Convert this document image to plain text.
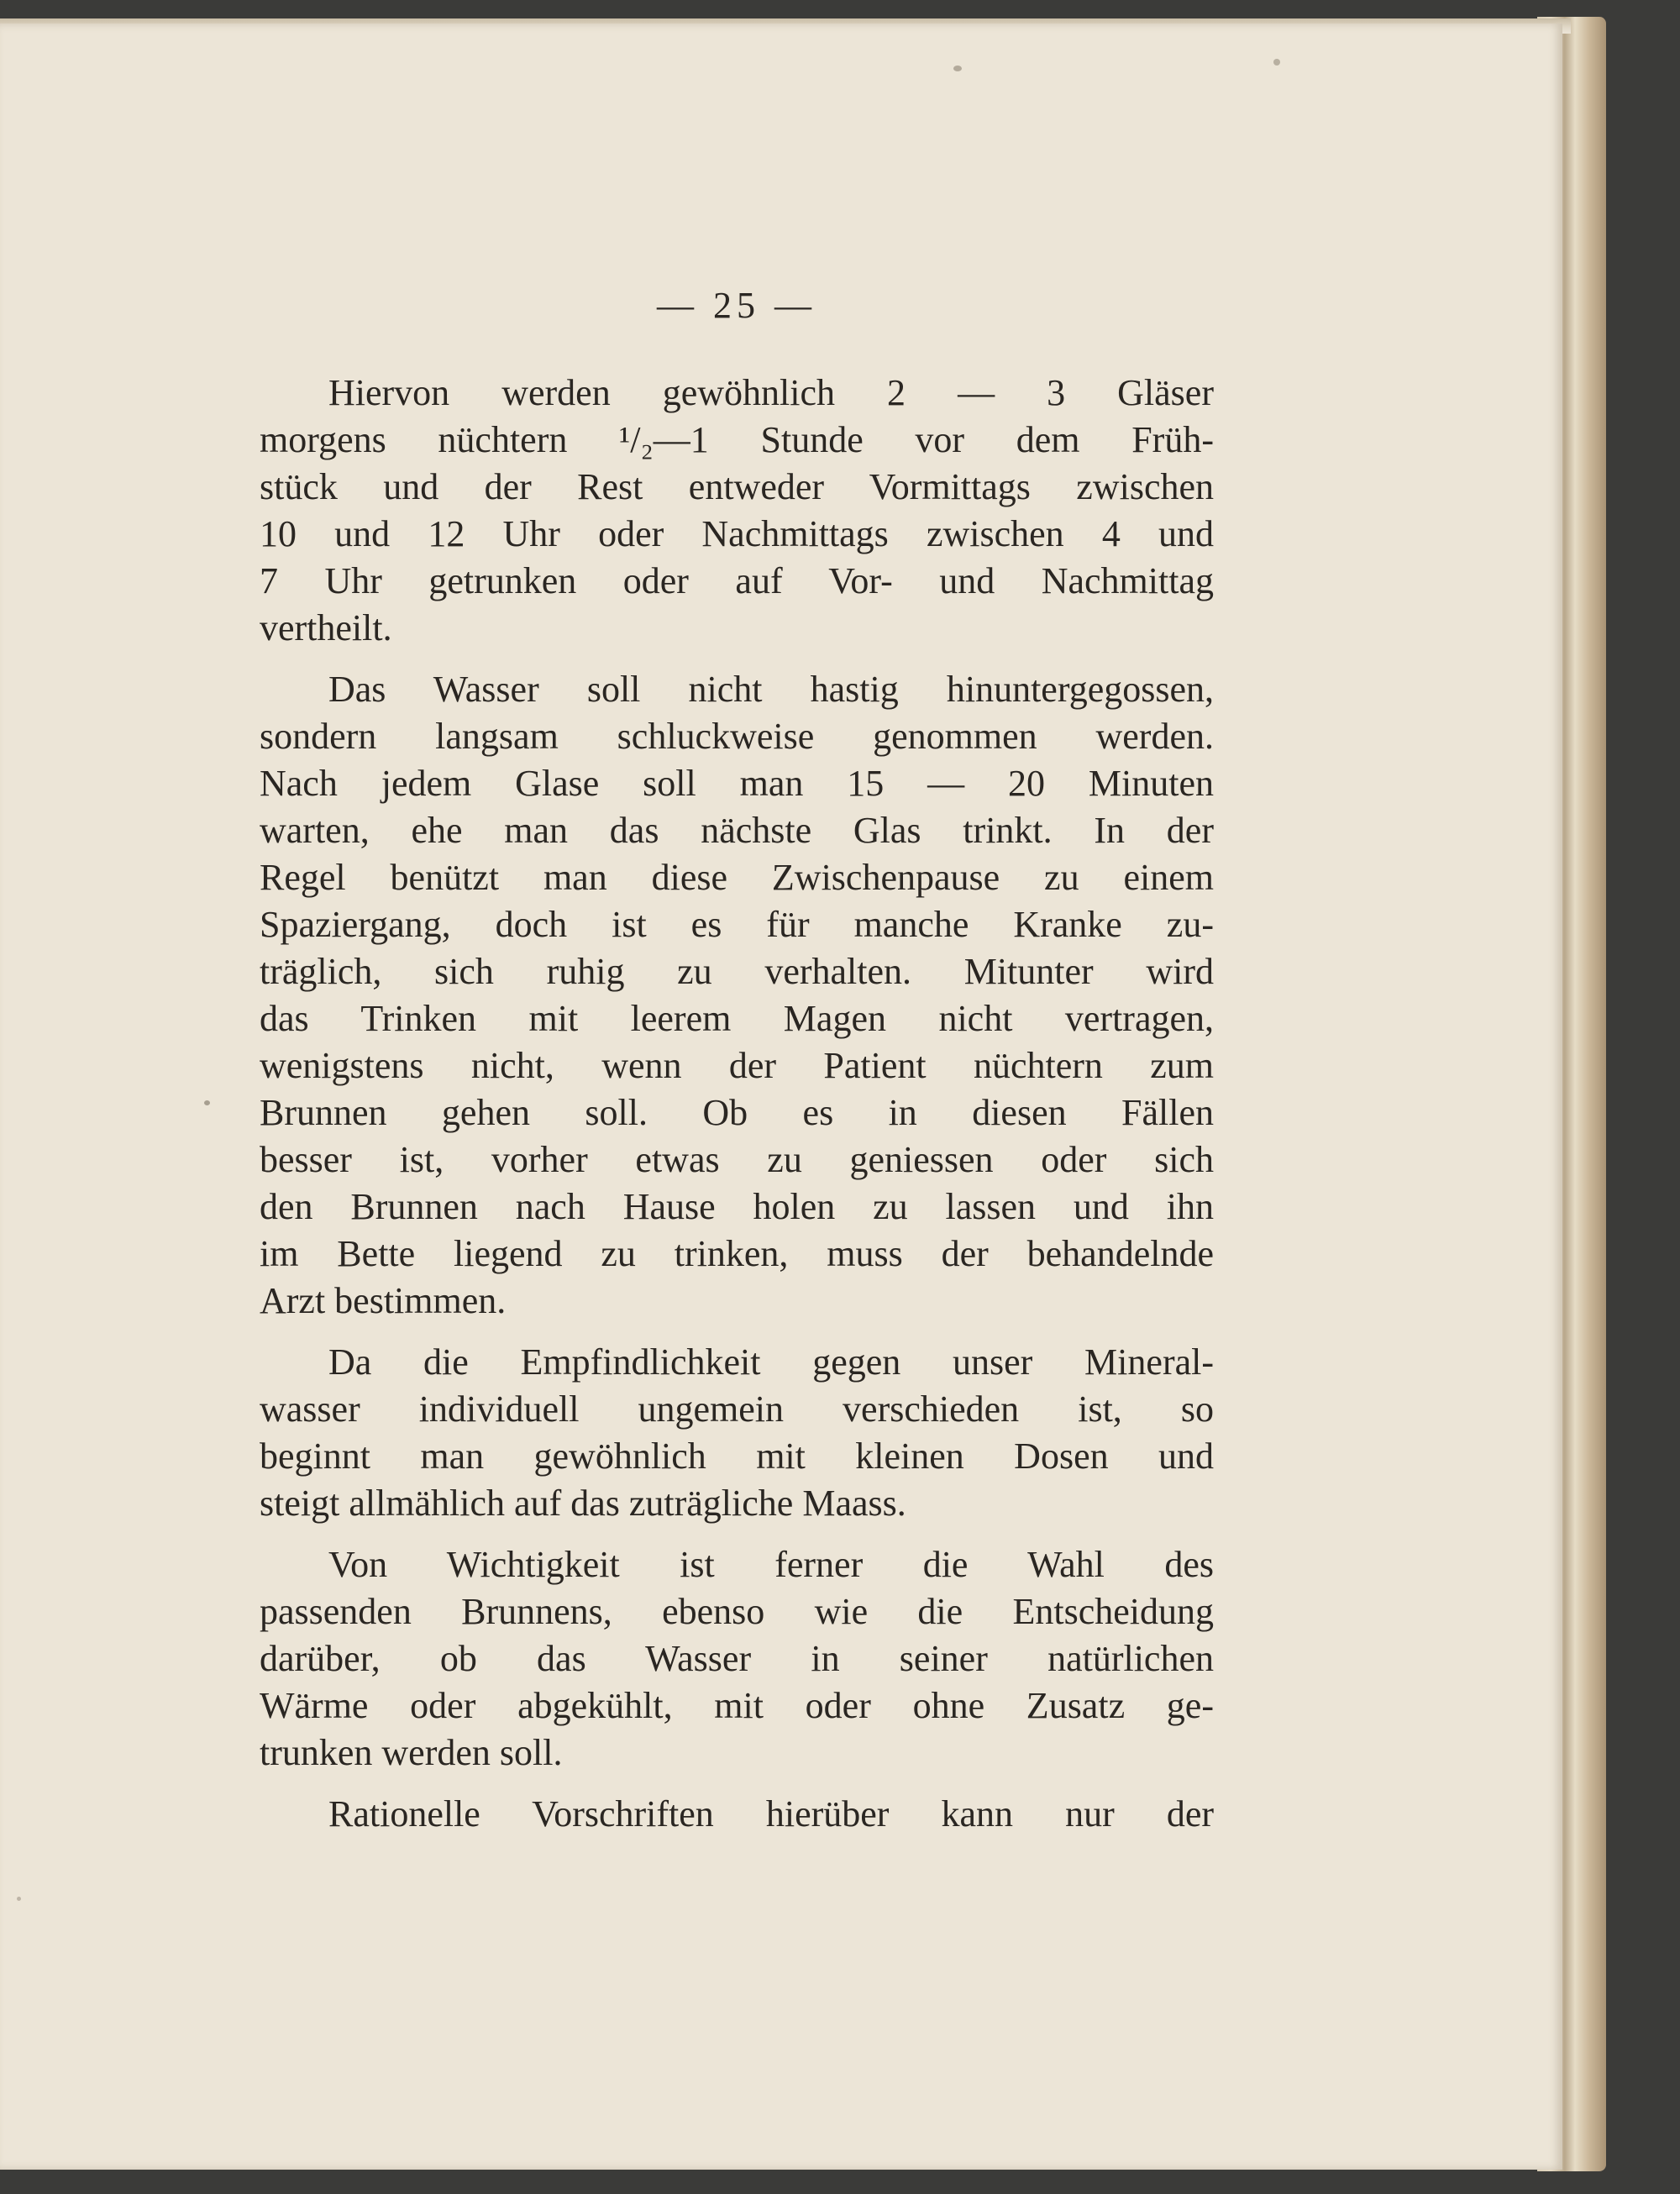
— 25 —

Hiervon werden gewöhnlich 2 — 3 Gläser
morgens nüchtern ¹/₂—1 Stunde vor dem Früh-
stück und der Rest entweder Vormittags zwischen
10 und 12 Uhr oder Nachmittags zwischen 4 und
7 Uhr getrunken oder auf Vor- und Nachmittag
vertheilt.
Das Wasser soll nicht hastig hinuntergegossen,
sondern langsam schluckweise genommen werden.
Nach jedem Glase soll man 15 — 20 Minuten
warten, ehe man das nächste Glas trinkt. In der
Regel benützt man diese Zwischenpause zu einem
Spaziergang, doch ist es für manche Kranke zu-
träglich, sich ruhig zu verhalten. Mitunter wird
das Trinken mit leerem Magen nicht vertragen,
wenigstens nicht, wenn der Patient nüchtern zum
Brunnen gehen soll. Ob es in diesen Fällen
besser ist, vorher etwas zu geniessen oder sich
den Brunnen nach Hause holen zu lassen und ihn
im Bette liegend zu trinken, muss der behandelnde
Arzt bestimmen.
Da die Empfindlichkeit gegen unser Mineral-
wasser individuell ungemein verschieden ist, so
beginnt man gewöhnlich mit kleinen Dosen und
steigt allmählich auf das zuträgliche Maass.
Von Wichtigkeit ist ferner die Wahl des
passenden Brunnens, ebenso wie die Entscheidung
darüber, ob das Wasser in seiner natürlichen
Wärme oder abgekühlt, mit oder ohne Zusatz ge-
trunken werden soll.
Rationelle Vorschriften hierüber kann nur der
